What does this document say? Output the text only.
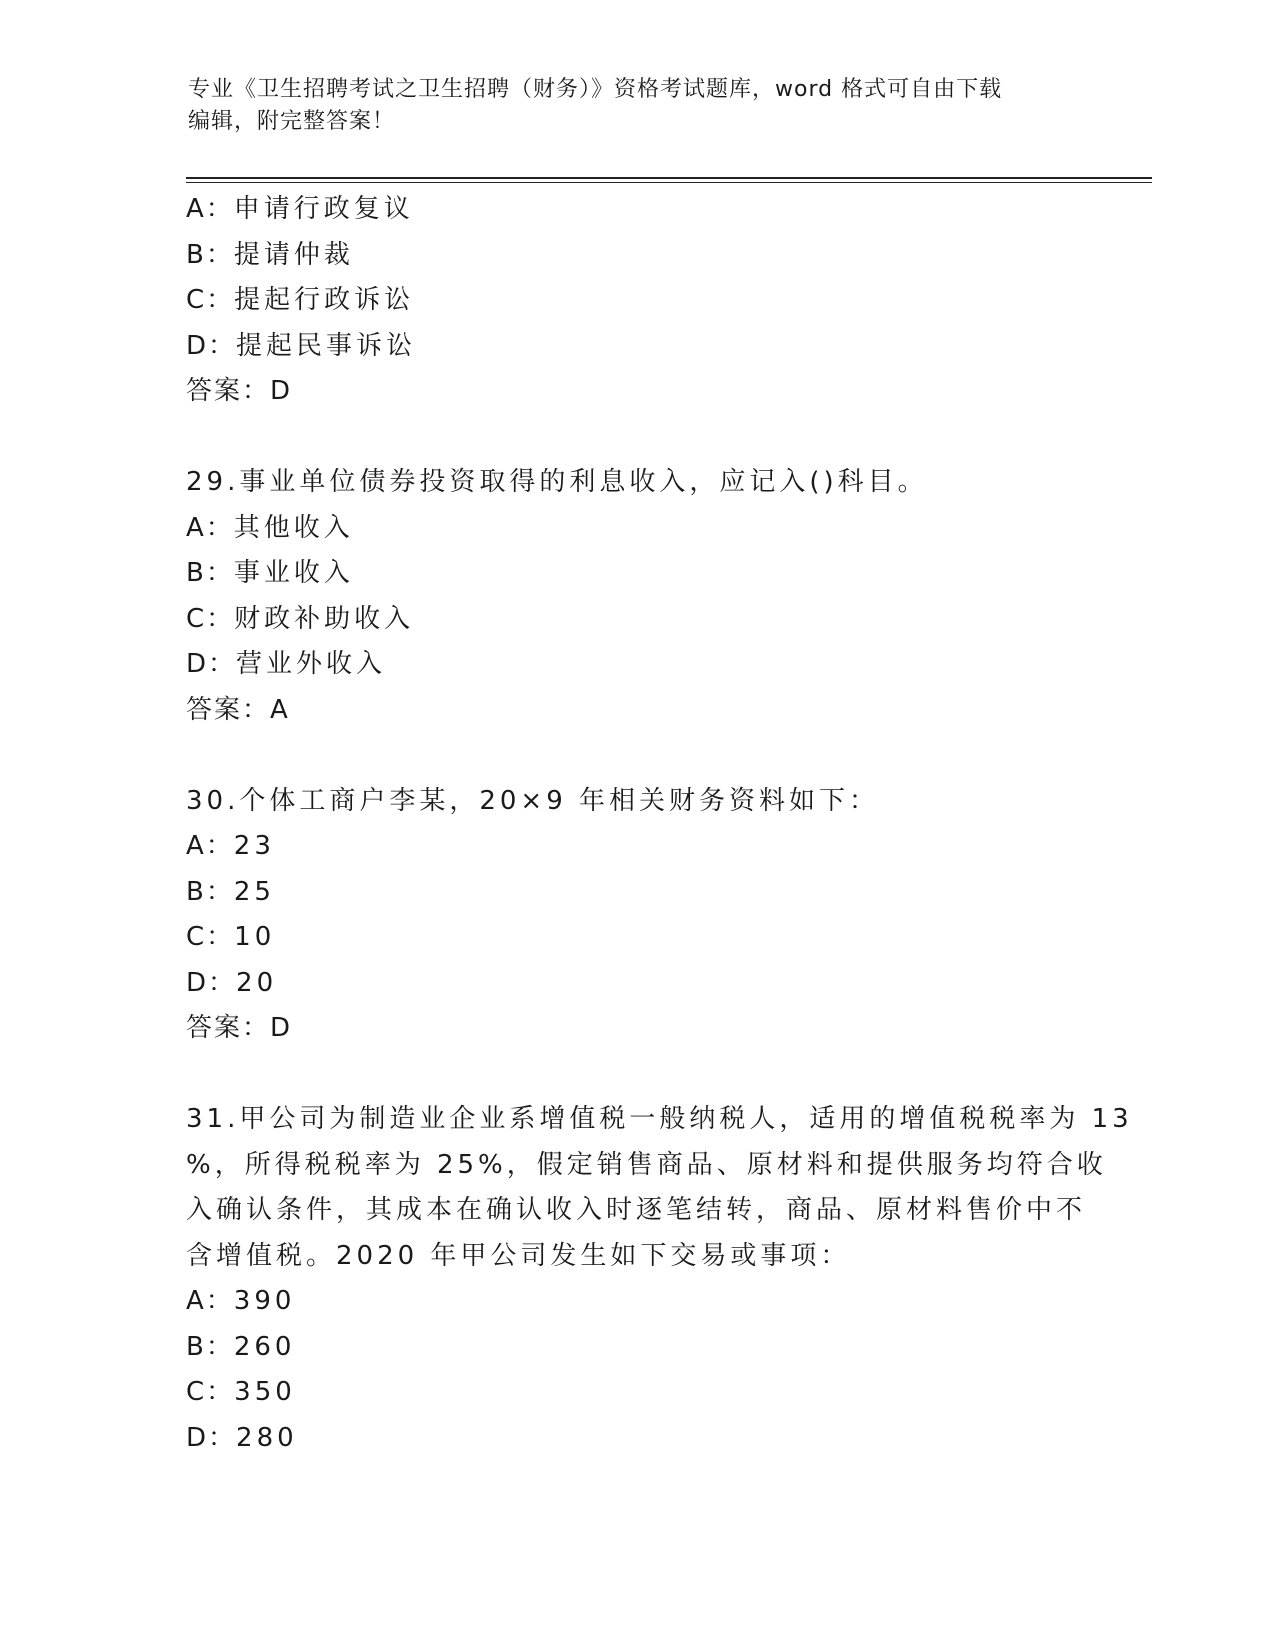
专业《卫生招聘考试之卫生招聘（财务）》资格考试题库，word 格式可自由下载
编辑，附完整答案！
A：申请行政复议
B：提请仲裁
C：提起行政诉讼
D：提起民事诉讼
答案：D
29.事业单位债券投资取得的利息收入，应记入()科目。
A：其他收入
B：事业收入
C：财政补助收入
D：营业外收入
答案：A
30.个体工商户李某，20×9 年相关财务资料如下：
A：23
B：25
C：10
D：20
答案：D
31.甲公司为制造业企业系增值税一般纳税人，适用的增值税税率为 13
%，所得税税率为 25%，假定销售商品、原材料和提供服务均符合收
入确认条件，其成本在确认收入时逐笔结转，商品、原材料售价中不
含增值税。2020 年甲公司发生如下交易或事项：
A：390
B：260
C：350
D：280
